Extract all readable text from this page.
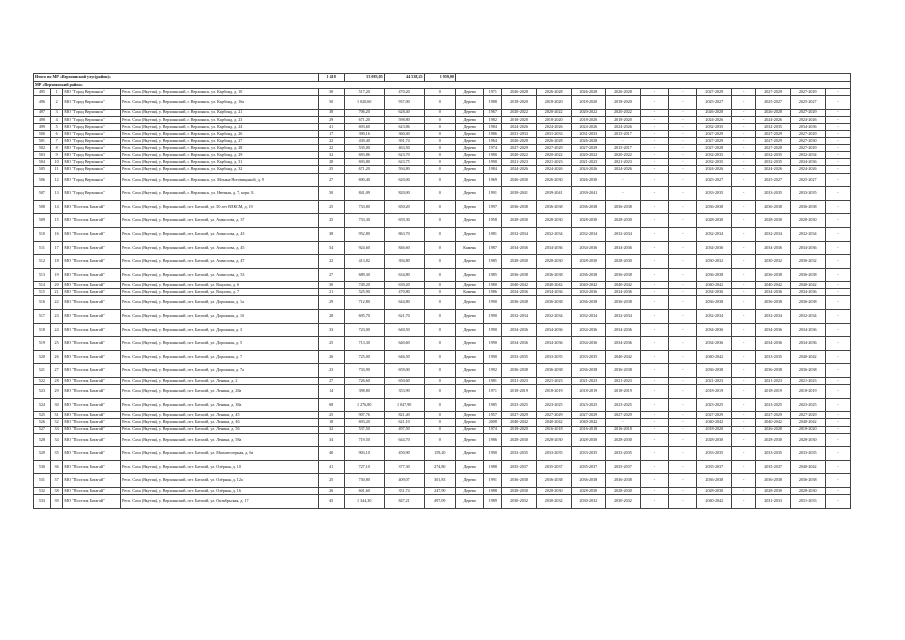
Итого по МР «Верхоянский улус(район)»				1 418	53 083,05	44 538,25	1 959,00													
МР «Верхоянский район»																				
495	1	МО "Город Верхоянск"	Респ. Саха (Якутия), у. Верхоянский, г. Верхоянск, ул. Карбонд, д. 10	30	517,20	470,20	0	Дерево	1971	2026-2028	2026-2028	2026-2028	2026-2028	-	-	2027-2029	-	2027-2029	2027-2029	-
496	2	МО "Город Верхоянск"	Респ. Саха (Якутия), у. Верхоянский, г. Верхоянск, ул. Карбонд, д. 16а	50	1 020,60	937,00	0	Дерево	1988	2018-2020	2018-2020	2018-2020	2018-2020	-	-	2025-2027	-	2025-2027	2025-2027	-
497	3	МО "Город Верхоянск"	Респ. Саха (Якутия), у. Верхоянский, г. Верхоянск, ул. Карбонд, д. 21	38	706,20	628,40	0	Дерево	1967	2020-2022	2020-2022	2020-2022	2020-2022	-	-	2026-2028	-	2026-2028	2027-2029	-
498	4	МО "Город Верхоянск"	Респ. Саха (Якутия), у. Верхоянский, г. Верхоянск, ул. Карбонд, д. 23	29	671,20	598,80	0	Дерево	1982	2018-2020	2018-2020	2018-2020	2018-2020	-	-	2024-2026	-	2024-2026	2024-2026	-
499	5	МО "Город Верхоянск"	Респ. Саха (Якутия), у. Верхоянский, г. Верхоянск, ул. Карбонд, д. 24	41	693,60	623,86	0	Дерево	1984	2024-2026	2024-2026	2024-2026	2024-2026	-	-	2032-2035	-	2032-2035	2034-2036	-
500	6	МО "Город Верхоянск"	Респ. Саха (Якутия), у. Верхоянский, г. Верхоянск, ул. Карбонд, д. 26	17	390,16	360,40	0	Дерево	1986	2031-2033	2031-2033	2031-2033	2015-2017	-	-	2027-2029	-	2027-2029	2027-2029	-
501	7	МО "Город Верхоянск"	Респ. Саха (Якутия), у. Верхоянский, г. Верхоянск, ул. Карбонд, д. 27	22	439,40	391,74	0	Дерево	1964	2026-2028	2026-2028	2026-2028	-	-	-	2027-2029	-	2027-2029	2027-2030	-
502	8	МО "Город Верхоянск"	Респ. Саха (Якутия), у. Верхоянский, г. Верхоянск, ул. Карбонд, д. 28	22	535,00	463,50	0	Дерево	1974	2027-2029	2027-2029	2027-2029	2015-2017	-	-	2027-2028	-	2027-2028	2027-2029	-
503	9	МО "Город Верхоянск"	Респ. Саха (Якутия), у. Верхоянский, г. Верхоянск, ул. Карбонд, д. 29	32	693,86	623,70	0	Дерево	1980	2020-2022	2020-2022	2020-2022	2020-2022	-	-	2032-2035	-	2032-2035	2032-2034	-
504	10	МО "Город Верхоянск"	Респ. Саха (Якутия), у. Верхоянский, г. Верхоянск, ул. Карбонд, д. 31	28	693,80	623,75	0	Дерево	1990	2021-2023	2021-2023	2021-2023	2021-2023	-	-	2032-2035	-	2032-2035	2034-2036	-
505	11	МО "Город Верхоянск"	Респ. Саха (Якутия), у. Верхоянский, г. Верхоянск, ул. Карбонд, д. 32	25	671,20	594,80	0	Дерево	1984	2024-2026	2024-2026	2024-2026	2024-2026	-	-	2024-2026	-	2024-2026	2024-2026	-
506	12	МО "Город Верхоянск"	Респ. Саха (Якутия), у. Верхоянский, г. Верхоянск, ул. Мохана Ноговицыной, д. 9	27	690,40	620,00	0	Дерево	1969	2026-2030	2026-2030	2026-2030	-	-	-	2025-2027	-	2025-2027	2025-2027	-
507	13	МО "Город Верхоянск"	Респ. Саха (Якутия), у. Верхоянский, г. Верхоянск, ул. Нючная, д. 7, корп. Б	50	841,09	820,00	0	Дерево	1991	2039-2041	2039-2041	2039-2041	-	-	-	2033-2035	-	2033-2035	2033-2035	-
508	14	МО "Поселок Батагай"	Респ. Саха (Якутия), у. Верхоянский, пгт. Батагай, ул. 50 лет ВЛКСМ, д. 19	25	733,80	650,20	0	Дерево	1997	2036-2038	2036-2038	2036-2038	2036-2038	-	-	2036-2038	-	2036-2038	2036-2038	-
509	15	МО "Поселок Батагай"	Респ. Саха (Якутия), у. Верхоянский, пгт. Батагай, ул. Аммосова, д. 37	25	733,30	659,30	0	Дерево	1958	2028-2030	2028-2030	2028-2030	2028-2030	-	-	2028-2030	-	2028-2030	2028-2030	-
510	16	МО "Поселок Батагай"	Респ. Саха (Якутия), у. Верхоянский, пгт. Батагай, ул. Аммосова, д. 43	38	952,80	863,70	0	Дерево	1981	2032-2034	2032-2034	2032-2034	2032-2034	-	-	2032-2034	-	2032-2034	2032-2034	-
511	17	МО "Поселок Батагай"	Респ. Саха (Якутия), у. Верхоянский, пгт. Батагай, ул. Аммосова, д. 45	54	924,60	846,60	0	Камень	1987	2034-2036	2034-2036	2034-2036	2034-2036	-	-	2034-2036	-	2034-2036	2034-2036	-
512	18	МО "Поселок Батагай"	Респ. Саха (Якутия), у. Верхоянский, пгт. Батагай, ул. Аммосова, д. 47	22	413,82	394,80	0	Дерево	1985	2028-2030	2028-2030	2028-2030	2028-2030	-	-	2030-2032	-	2030-2032	2030-2032	-
513	19	МО "Поселок Батагай"	Респ. Саха (Якутия), у. Верхоянский, пгт. Батагай, ул. Аммосова, д. 53	27	689,30	634,80	0	Дерево	1985	2036-2038	2036-2038	2036-2038	2036-2038	-	-	2036-2038	-	2036-2038	2036-2038	-
514	20	МО "Поселок Батагай"	Респ. Саха (Якутия), у. Верхоянский, пгт. Батагай, ул. Вацлова, д. 6	30	749,20	639,20	0	Дерево	1980	2040-2042	2040-2042	2040-2042	2040-2042	-	-	2040-2042	-	2040-2042	2040-2042	-
515	21	МО "Поселок Батагай"	Респ. Саха (Якутия), у. Верхоянский, пгт. Батагай, ул. Вацлова, д. 7	21	525,90	470,80	0	Камень	1986	2034-2036	2034-2036	2034-2036	2034-2036	-	-	2034-2036	-	2034-2036	2034-2036	-
516	22	МО "Поселок Батагай"	Респ. Саха (Якутия), у. Верхоянский, пгт. Батагай, ул. Дорожная, д. 1а	29	712,80	644,80	0	Дерево	1990	2036-2038	2036-2038	2036-2038	2036-2038	-	-	2036-2038	-	2036-2038	2036-2038	-
517	23	МО "Поселок Батагай"	Респ. Саха (Якутия), у. Верхоянский, пгт. Батагай, ул. Дорожная, д. 1б	28	695,70	621,70	0	Дерево	1990	2032-2034	2032-2034	2032-2034	2032-2034	-	-	2032-2034	-	2032-2034	2032-2034	-
518	24	МО "Поселок Батагай"	Респ. Саха (Якутия), у. Верхоянский, пгт. Батагай, ул. Дорожная, д. 3	33	723,00	640,50	0	Дерево	1990	2034-2036	2034-2036	2034-2036	2034-2036	-	-	2034-2036	-	2034-2036	2034-2036	-
519	25	МО "Поселок Батагай"	Респ. Саха (Якутия), у. Верхоянский, пгт. Батагай, ул. Дорожная, д. 5	25	713,30	640,60	0	Дерево	1990	2034-2036	2034-2036	2034-2036	2034-2036	-	-	2034-2036	-	2034-2036	2034-2036	-
520	26	МО "Поселок Батагай"	Респ. Саха (Якутия), у. Верхоянский, пгт. Батагай, ул. Дорожная, д. 7	26	725,00	646,50	0	Дерево	1990	2033-2035	2033-2035	2033-2035	2040-2042	-	-	2040-2042	-	2033-2035	2040-2042	-
521	27	МО "Поселок Батагай"	Респ. Саха (Якутия), у. Верхоянский, пгт. Батагай, ул. Дорожная, д. 7а	23	733,90	659,00	0	Дерево	1992	2036-2038	2036-2038	2036-2038	2036-2038	-	-	2036-2038	-	2036-2038	2036-2038	-
522	28	МО "Поселок Батагай"	Респ. Саха (Якутия), у. Верхоянский, пгт. Батагай, ул. Ленина, д. 2	27	726,60	650,60	0	Дерево	1981	2021-2023	2021-2023	2021-2023	2021-2023	-	-	2021-2023	-	2021-2023	2021-2023	-
523	29	МО "Поселок Батагай"	Респ. Саха (Якутия), у. Верхоянский, пгт. Батагай, ул. Ленина, д. 28а	14	398,80	353,90	0	Дерево	1971	2018-2019	2018-2019	2018-2019	2018-2019	-	-	2018-2019	-	2018-2019	2018-2019	-
524	30	МО "Поселок Батагай"	Респ. Саха (Якутия), у. Верхоянский, пгт. Батагай, ул. Ленина, д. 38а	68	1 276,80	1 047,90	0	Дерево	1985	2023-2025	2023-2025	2023-2025	2023-2025	-	-	2023-2025	-	2023-2025	2023-2025	-
525	31	МО "Поселок Батагай"	Респ. Саха (Якутия), у. Верхоянский, пгт. Батагай, ул. Ленина, д. 45	25	907,76	821,40	0	Дерево	1957	2027-2029	2027-2029	2027-2029	2027-2029	-	-	2027-2029	-	2027-2029	2027-2029	-
526	32	МО "Поселок Батагай"	Респ. Саха (Якутия), у. Верхоянский, пгт. Батагай, ул. Ленина, д. 46	18	693,20	621,10	0	Дерево	2008	2040-2042	2040-2042	2040-2042	-	-	-	2040-2042	-	2040-2042	2040-2042	-
527	33	МО "Поселок Батагай"	Респ. Саха (Якутия), у. Верхоянский, пгт. Батагай, ул. Ленина, д. 56	32	537,50	497,50	0	Дерево	1974	2018-2020	2016-2018	2016-2018	2016-2018	-	-	2018-2020	-	2026-2028	2018-2020	-
528	34	МО "Поселок Батагай"	Респ. Саха (Якутия), у. Верхоянский, пгт. Батагай, ул. Ленина, д. 58а	34	719,50	644,70	0	Дерево	1986	2028-2030	2028-2030	2028-2030	2028-2030	-	-	2028-2030	-	2028-2030	2028-2030	-
529	35	МО "Поселок Батагай"	Респ. Саха (Якутия), у. Верхоянский, пгт. Батагай, ул. Магнитогорная, д. 6а	40	903,10	450,90	159,20	Дерево	1990	2033-2035	2033-2035	2033-2035	2033-2035	-	-	2033-2035	-	2033-2035	2033-2035	-
530	36	МО "Поселок Батагай"	Респ. Саха (Якутия), у. Верхоянский, пгт. Батагай, ул. Озёрная, д. 10	41	727,10	377,30	274,80	Дерево	1988	2035-2037	2035-2037	2035-2037	2035-2037	-	-	2035-2037	-	2035-2037	2040-2042	-
531	37	МО "Поселок Батагай"	Респ. Саха (Якутия), у. Верхоянский, пгт. Батагай, ул. Озёрная, д. 12а	25	730,80	409,07	301,83	Дерево	1991	2036-2038	2036-2038	2036-2038	2036-2038	-	-	2036-2038	-	2036-2038	2036-2038	-
532	38	МО "Поселок Батагай"	Респ. Саха (Якутия), у. Верхоянский, пгт. Батагай, ул. Озёрная, д. 16	26	601,60	351,74	247,90	Дерево	1988	2028-2030	2028-2030	2028-2030	2028-2030	-	-	2028-2030	-	2028-2030	2028-2030	-
533	39	МО "Поселок Батагай"	Респ. Саха (Якутия), у. Верхоянский, пгт. Батагай, ул. Октябрьская, д. 17	45	1 344,30	847,21	497,09	Дерево	1989	2030-2032	2030-2032	2030-2032	2030-2032	-	-	2040-2042	-	2031-2033	2031-2033	-
